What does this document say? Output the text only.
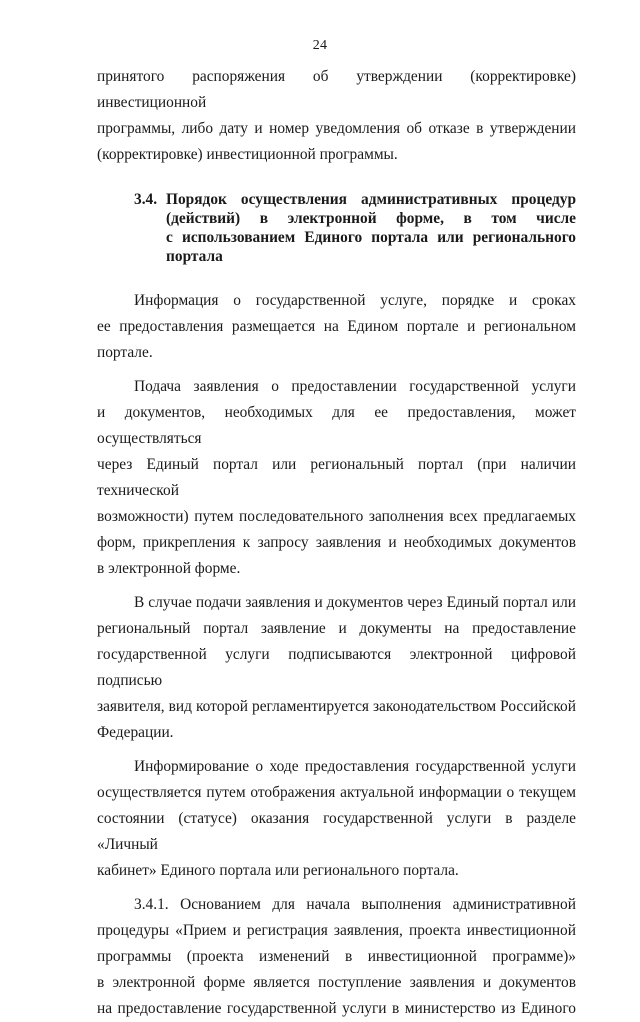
24

принятого распоряжения об утверждении (корректировке) инвестиционной

программы, либо дату и номер уведомления об отказе в утверждении

(корректировке) инвестиционной программы.

3.4. Порядок осуществления административных процедур
(действий) в электронной форме, в том числе
с использованием Единого портала или регионального
портала

Информация о государственной услуге, порядке и сроках

ее предоставления размещается на Едином портале и региональном

портале.

Подача заявления о предоставлении государственной услуги

и документов, необходимых для ее предоставления, может осуществляться

через Единый портал или региональный портал (при наличии технической

возможности) путем последовательного заполнения всех предлагаемых

форм, прикрепления к запросу заявления и необходимых документов

в электронной форме.

В случае подачи заявления и документов через Единый портал или

региональный портал заявление и документы на предоставление

государственной услуги подписываются электронной цифровой подписью

заявителя, вид которой регламентируется законодательством Российской

Федерации.

Информирование о ходе предоставления государственной услуги

осуществляется путем отображения актуальной информации о текущем

состоянии (статусе) оказания государственной услуги в разделе «Личный

кабинет» Единого портала или регионального портала.

3.4.1. Основанием для начала выполнения административной

процедуры «Прием и регистрация заявления, проекта инвестиционной

программы (проекта изменений в инвестиционной программе)»

в электронной форме является поступление заявления и документов

на предоставление государственной услуги в министерство из Единого
